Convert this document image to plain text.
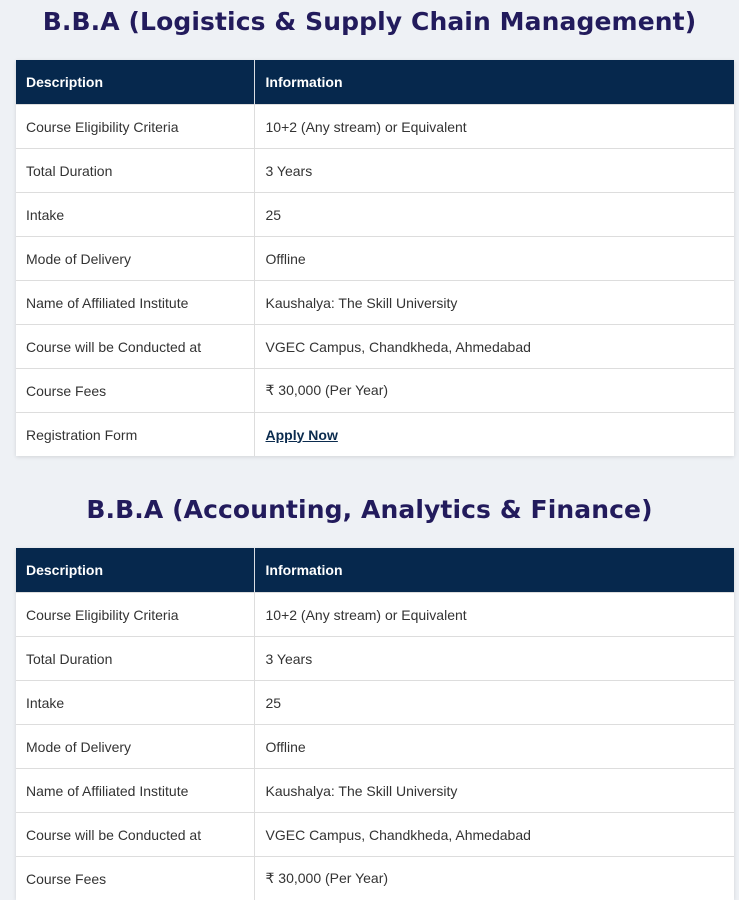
B.B.A (Logistics & Supply Chain Management)
Description	Information
Course Eligibility Criteria	10+2 (Any stream) or Equivalent
Total Duration	3 Years
Intake	25
Mode of Delivery	Offline
Name of Affiliated Institute	Kaushalya: The Skill University
Course will be Conducted at	VGEC Campus, Chandkheda, Ahmedabad
Course Fees	₹ 30,000 (Per Year)
Registration Form	Apply Now
B.B.A (Accounting, Analytics & Finance)
Description	Information
Course Eligibility Criteria	10+2 (Any stream) or Equivalent
Total Duration	3 Years
Intake	25
Mode of Delivery	Offline
Name of Affiliated Institute	Kaushalya: The Skill University
Course will be Conducted at	VGEC Campus, Chandkheda, Ahmedabad
Course Fees	₹ 30,000 (Per Year)
